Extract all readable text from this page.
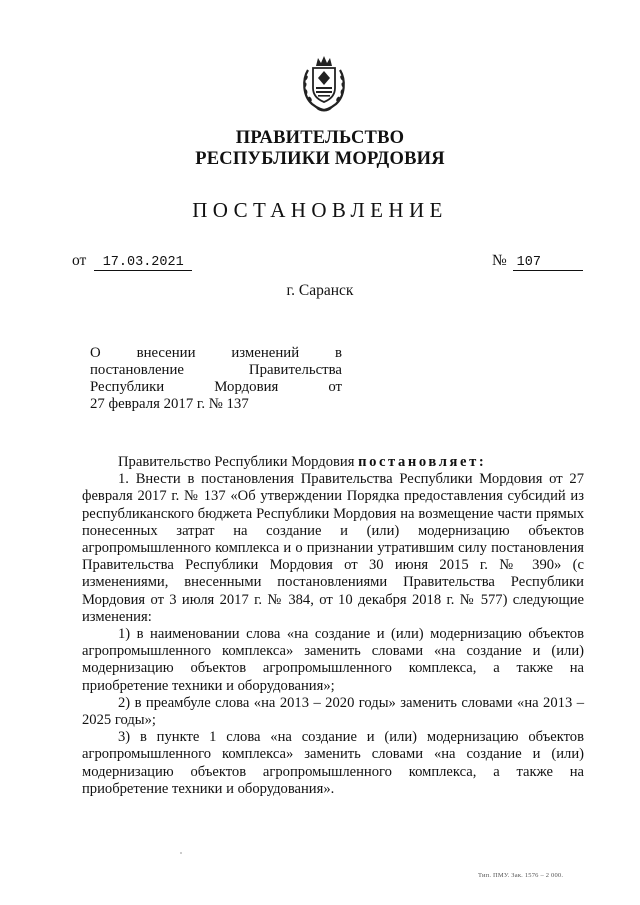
ПРАВИТЕЛЬСТВО
РЕСПУБЛИКИ МОРДОВИЯ
ПОСТАНОВЛЕНИЕ
от 17.03.2021	№ 107
г. Саранск
О внесении изменений в
постановление Правительства
Республики Мордовия от
27 февраля 2017 г. № 137

Правительство Республики Мордовия постановляет:

1. Внести в постановления Правительства Республики Мордовия от 27 февраля 2017 г. № 137 «Об утверждении Порядка предоставления субсидий из республиканского бюджета Республики Мордовия на возмещение части прямых понесенных затрат на создание и (или) модернизацию объектов агропромышленного комплекса и о признании утратившим силу постановления Правительства Республики Мордовия от 30 июня 2015 г. № 390» (с изменениями, внесенными постановлениями Правительства Республики Мордовия от 3 июля 2017 г. № 384, от 10 декабря 2018 г. № 577) следующие изменения:

1) в наименовании слова «на создание и (или) модернизацию объектов агропромышленного комплекса» заменить словами «на создание и (или) модернизацию объектов агропромышленного комплекса, а также на приобретение техники и оборудования»;

2) в преамбуле слова «на 2013 – 2020 годы» заменить словами «на 2013 – 2025 годы»;

3) в пункте 1 слова «на создание и (или) модернизацию объектов агропромышленного комплекса» заменить словами «на создание и (или) модернизацию объектов агропромышленного комплекса, а также на приобретение техники и оборудования».

Тип. ПМУ. Зак. 1576 – 2 000.
